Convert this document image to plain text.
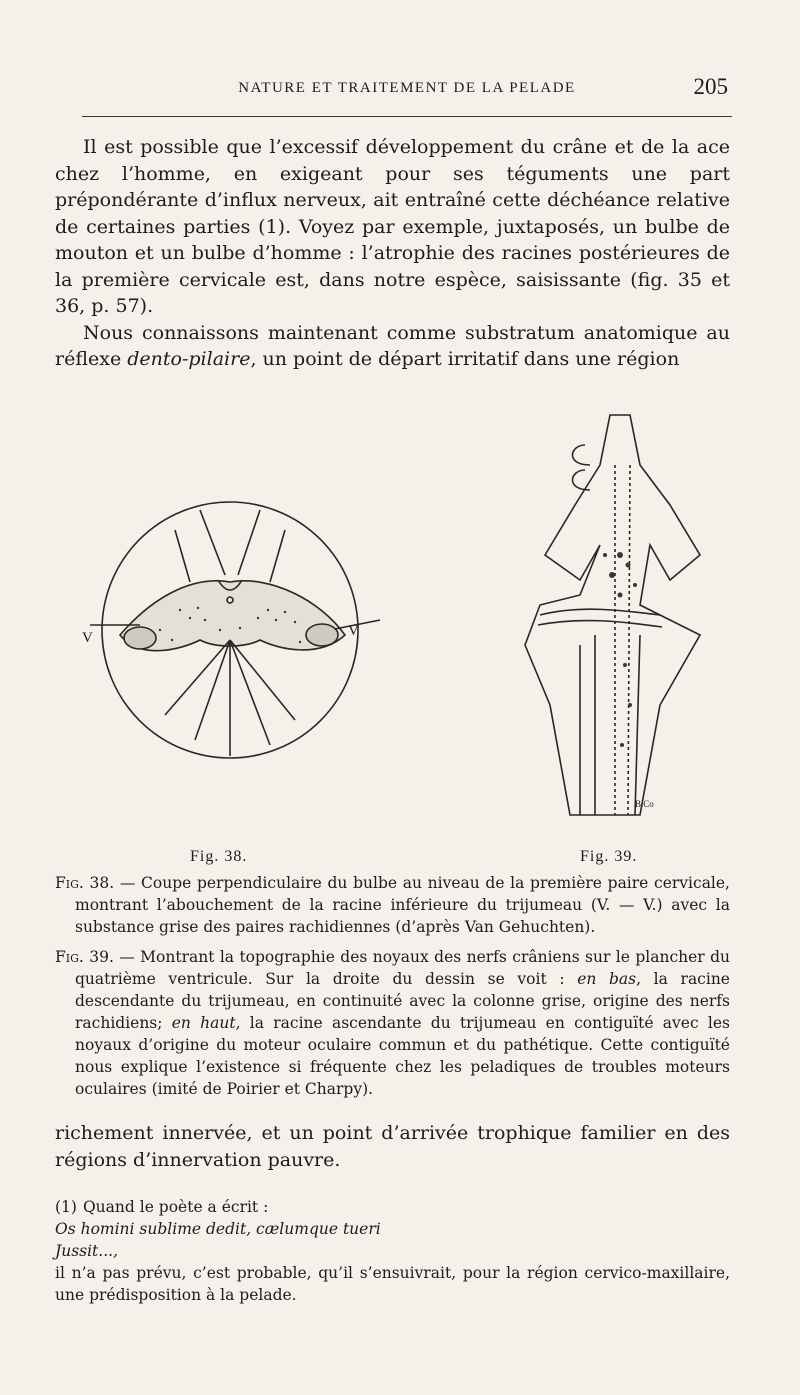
NATURE ET TRAITEMENT DE LA PELADE	205

Il est possible que l’excessif développement du crâne et de la ace chez l’homme, en exigeant pour ses téguments une part prépondérante d’influx nerveux, ait entraîné cette déchéance relative de certaines parties (1). Voyez par exemple, juxtaposés, un bulbe de mouton et un bulbe d’homme : l’atrophie des racines postérieures de la première cervicale est, dans notre espèce, saisissante (fig. 35 et 36, p. 57).

Nous connaissons maintenant comme substratum anatomique au réflexe dento-pilaire, un point de départ irritatif dans une région

V	V
Fig. 38.
B.Co
Fig. 39.

Fig. 38. — Coupe perpendiculaire du bulbe au niveau de la première paire cervicale, montrant l’abouchement de la racine inférieure du trijumeau (V. — V.) avec la substance grise des paires rachidiennes (d’après Van Gehuchten).

Fig. 39. — Montrant la topographie des noyaux des nerfs crâniens sur le plancher du quatrième ventricule. Sur la droite du dessin se voit : en bas, la racine descendante du trijumeau, en continuité avec la colonne grise, origine des nerfs rachidiens; en haut, la racine ascendante du trijumeau en contiguïté avec les noyaux d’origine du moteur oculaire commun et du pathétique. Cette contiguïté nous explique l’existence si fréquente chez les peladiques de troubles moteurs oculaires (imité de Poirier et Charpy).

richement innervée, et un point d’arrivée trophique familier en des régions d’innervation pauvre.

(1) Quand le poète a écrit :

Os homini sublime dedit, cælumque tueri

Jussit...,

il n’a pas prévu, c’est probable, qu’il s’ensuivrait, pour la région cervico-maxillaire, une prédisposition à la pelade.
